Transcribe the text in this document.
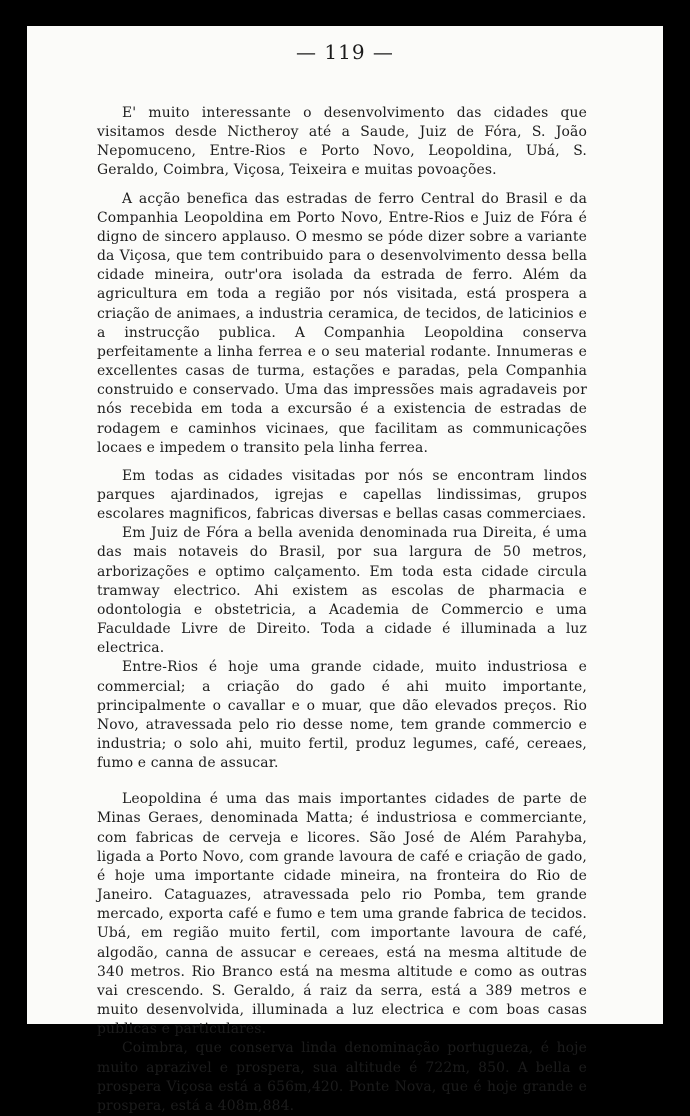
— 119 —

E' muito interessante o desenvolvimento das cidades que visitamos desde Nictheroy até a Saude, Juiz de Fóra, S. João Nepomuceno, Entre-Rios e Porto Novo, Leopoldina, Ubá, S. Geraldo, Coimbra, Viçosa, Teixeira e muitas povoações.

A acção benefica das estradas de ferro Central do Brasil e da Companhia Leopoldina em Porto Novo, Entre-Rios e Juiz de Fóra é digno de sincero applauso. O mesmo se póde dizer sobre a variante da Viçosa, que tem contribuido para o desenvolvimento dessa bella cidade mineira, outr'ora isolada da estrada de ferro. Além da agricultura em toda a região por nós visitada, está prospera a criação de animaes, a industria ceramica, de tecidos, de laticinios e a instrucção publica. A Companhia Leopoldina conserva perfeitamente a linha ferrea e o seu material rodante. Innumeras e excellentes casas de turma, estações e paradas, pela Companhia construido e conservado. Uma das impressões mais agradaveis por nós recebida em toda a excursão é a existencia de estradas de rodagem e caminhos vicinaes, que facilitam as communicações locaes e impedem o transito pela linha ferrea.

Em todas as cidades visitadas por nós se encontram lindos parques ajardinados, igrejas e capellas lindissimas, grupos escolares magnificos, fabricas diversas e bellas casas commerciaes.

Em Juiz de Fóra a bella avenida denominada rua Direita, é uma das mais notaveis do Brasil, por sua largura de 50 metros, arborizações e optimo calçamento. Em toda esta cidade circula tramway electrico. Ahi existem as escolas de pharmacia e odontologia e obstetricia, a Academia de Commercio e uma Faculdade Livre de Direito. Toda a cidade é illuminada a luz electrica.

Entre-Rios é hoje uma grande cidade, muito industriosa e commercial; a criação do gado é ahi muito importante, principalmente o cavallar e o muar, que dão elevados preços. Rio Novo, atravessada pelo rio desse nome, tem grande commercio e industria; o solo ahi, muito fertil, produz legumes, café, cereaes, fumo e canna de assucar.

Leopoldina é uma das mais importantes cidades de parte de Minas Geraes, denominada Matta; é industriosa e commerciante, com fabricas de cerveja e licores. São José de Além Parahyba, ligada a Porto Novo, com grande lavoura de café e criação de gado, é hoje uma importante cidade mineira, na fronteira do Rio de Janeiro. Cataguazes, atravessada pelo rio Pomba, tem grande mercado, exporta café e fumo e tem uma grande fabrica de tecidos. Ubá, em região muito fertil, com importante lavoura de café, algodão, canna de assucar e cereaes, está na mesma altitude de 340 metros. Rio Branco está na mesma altitude e como as outras vai crescendo. S. Geraldo, á raiz da serra, está a 389 metros e muito desenvolvida, illuminada a luz electrica e com boas casas publicas e particulares.

Coimbra, que conserva linda denominação portugueza, é hoje muito aprazivel e prospera, sua altitude é 722m, 850. A bella e prospera Viçosa está a 656m,420. Ponte Nova, que é hoje grande e prospera, está a 408m,884.
